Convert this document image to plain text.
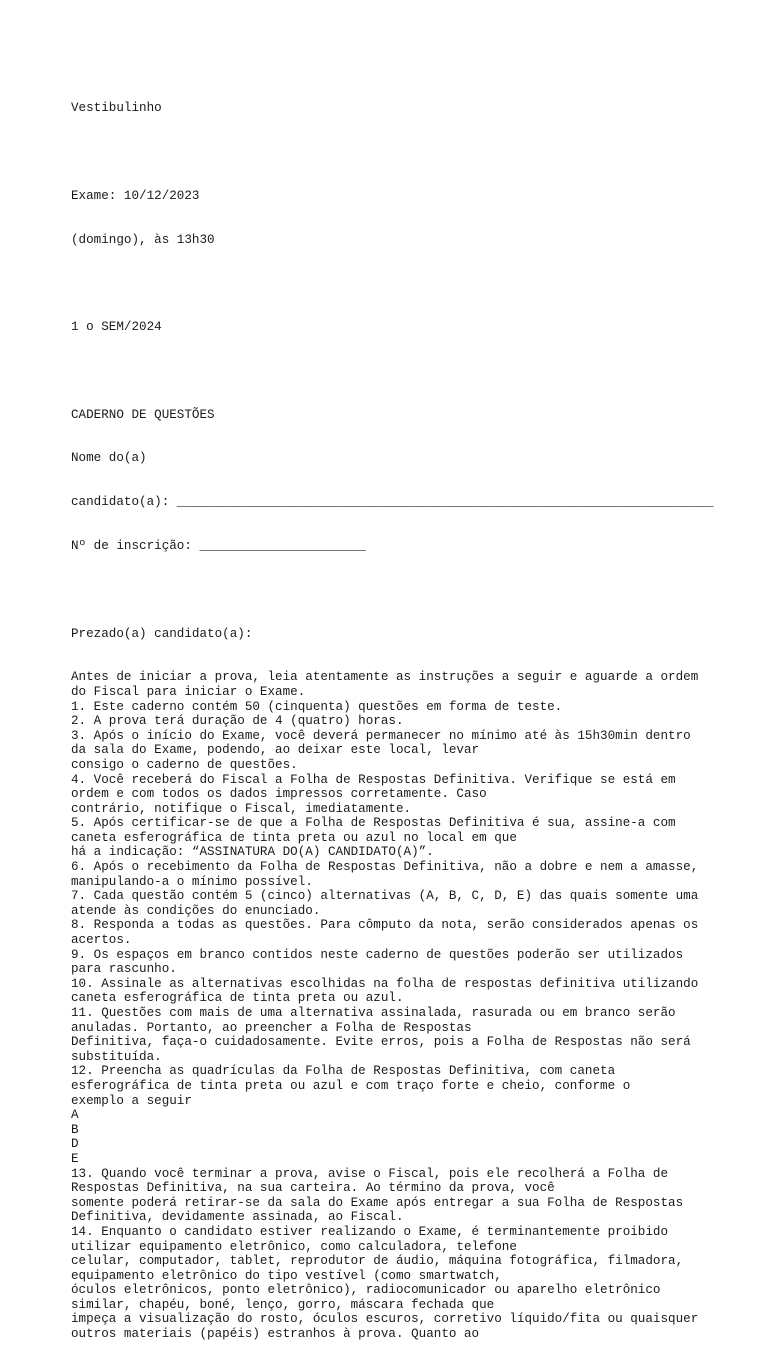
Vestibulinho

Exame: 10/12/2023

(domingo), às 13h30

1 o SEM/2024

CADERNO DE QUESTÕES

Nome do(a)

candidato(a): _______________________________________________________________________

Nº de inscrição: ______________________

Prezado(a) candidato(a):

Antes de iniciar a prova, leia atentamente as instruções a seguir e aguarde a ordem
do Fiscal para iniciar o Exame.
1. Este caderno contém 50 (cinquenta) questões em forma de teste.
2. A prova terá duração de 4 (quatro) horas.
3. Após o início do Exame, você deverá permanecer no mínimo até às 15h30min dentro
da sala do Exame, podendo, ao deixar este local, levar
consigo o caderno de questões.
4. Você receberá do Fiscal a Folha de Respostas Definitiva. Verifique se está em
ordem e com todos os dados impressos corretamente. Caso
contrário, notifique o Fiscal, imediatamente.
5. Após certificar-se de que a Folha de Respostas Definitiva é sua, assine-a com
caneta esferográfica de tinta preta ou azul no local em que
há a indicação: “ASSINATURA DO(A) CANDIDATO(A)”.
6. Após o recebimento da Folha de Respostas Definitiva, não a dobre e nem a amasse,
manipulando-a o mínimo possível.
7. Cada questão contém 5 (cinco) alternativas (A, B, C, D, E) das quais somente uma
atende às condições do enunciado.
8. Responda a todas as questões. Para cômputo da nota, serão considerados apenas os
acertos.
9. Os espaços em branco contidos neste caderno de questões poderão ser utilizados
para rascunho.
10. Assinale as alternativas escolhidas na folha de respostas definitiva utilizando
caneta esferográfica de tinta preta ou azul.
11. Questões com mais de uma alternativa assinalada, rasurada ou em branco serão
anuladas. Portanto, ao preencher a Folha de Respostas
Definitiva, faça-o cuidadosamente. Evite erros, pois a Folha de Respostas não será
substituída.
12. Preencha as quadrículas da Folha de Respostas Definitiva, com caneta
esferográfica de tinta preta ou azul e com traço forte e cheio, conforme o
exemplo a seguir
A
B
D
E
13. Quando você terminar a prova, avise o Fiscal, pois ele recolherá a Folha de
Respostas Definitiva, na sua carteira. Ao término da prova, você
somente poderá retirar-se da sala do Exame após entregar a sua Folha de Respostas
Definitiva, devidamente assinada, ao Fiscal.
14. Enquanto o candidato estiver realizando o Exame, é terminantemente proibido
utilizar equipamento eletrônico, como calculadora, telefone
celular, computador, tablet, reprodutor de áudio, máquina fotográfica, filmadora,
equipamento eletrônico do tipo vestível (como smartwatch,
óculos eletrônicos, ponto eletrônico), radiocomunicador ou aparelho eletrônico
similar, chapéu, boné, lenço, gorro, máscara fechada que
impeça a visualização do rosto, óculos escuros, corretivo líquido/fita ou quaisquer
outros materiais (papéis) estranhos à prova. Quanto ao
